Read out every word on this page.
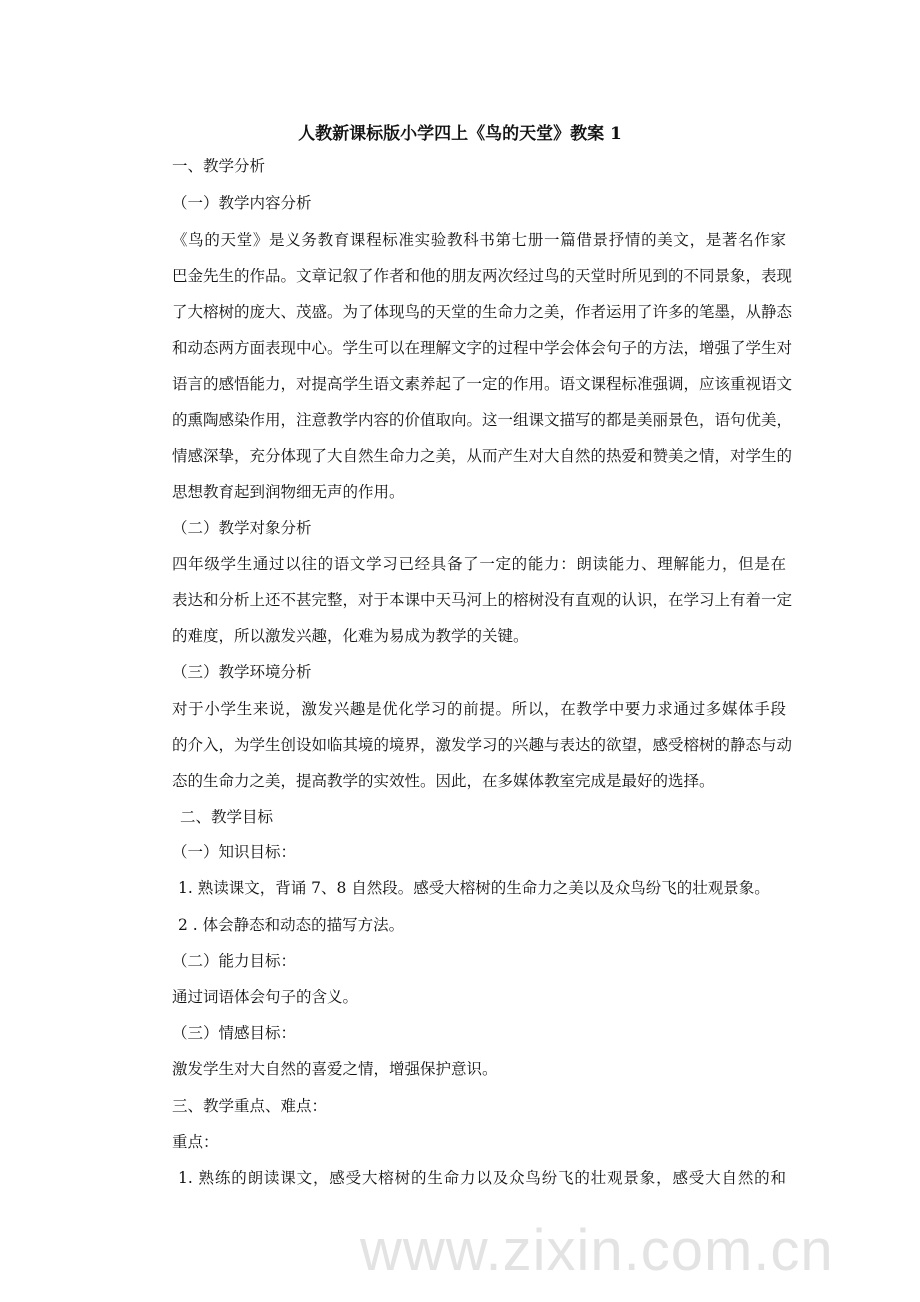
人教新课标版小学四上《鸟的天堂》教案 1
一、教学分析
（一）教学内容分析
《鸟的天堂》是义务教育课程标准实验教科书第七册一篇借景抒情的美文，是著名作家
巴金先生的作品。文章记叙了作者和他的朋友两次经过鸟的天堂时所见到的不同景象，表现
了大榕树的庞大、茂盛。为了体现鸟的天堂的生命力之美，作者运用了许多的笔墨，从静态
和动态两方面表现中心。学生可以在理解文字的过程中学会体会句子的方法，增强了学生对
语言的感悟能力，对提高学生语文素养起了一定的作用。语文课程标准强调，应该重视语文
的熏陶感染作用，注意教学内容的价值取向。这一组课文描写的都是美丽景色，语句优美，
情感深挚，充分体现了大自然生命力之美，从而产生对大自然的热爱和赞美之情，对学生的
思想教育起到润物细无声的作用。
（二）教学对象分析
四年级学生通过以往的语文学习已经具备了一定的能力：朗读能力、理解能力，但是在
表达和分析上还不甚完整，对于本课中天马河上的榕树没有直观的认识，在学习上有着一定
的难度，所以激发兴趣，化难为易成为教学的关键。
（三）教学环境分析
对于小学生来说，激发兴趣是优化学习的前提。所以，在教学中要力求通过多媒体手段
的介入，为学生创设如临其境的境界，激发学习的兴趣与表达的欲望，感受榕树的静态与动
态的生命力之美，提高教学的实效性。因此，在多媒体教室完成是最好的选择。
二、教学目标
（一）知识目标：
1. 熟读课文，背诵 7、8 自然段。感受大榕树的生命力之美以及众鸟纷飞的壮观景象。
2 . 体会静态和动态的描写方法。
（二）能力目标：
通过词语体会句子的含义。
（三）情感目标：
激发学生对大自然的喜爱之情，增强保护意识。
三、教学重点、难点：
重点：
1. 熟练的朗读课文，感受大榕树的生命力以及众鸟纷飞的壮观景象，感受大自然的和
www.zixin.com.cn
